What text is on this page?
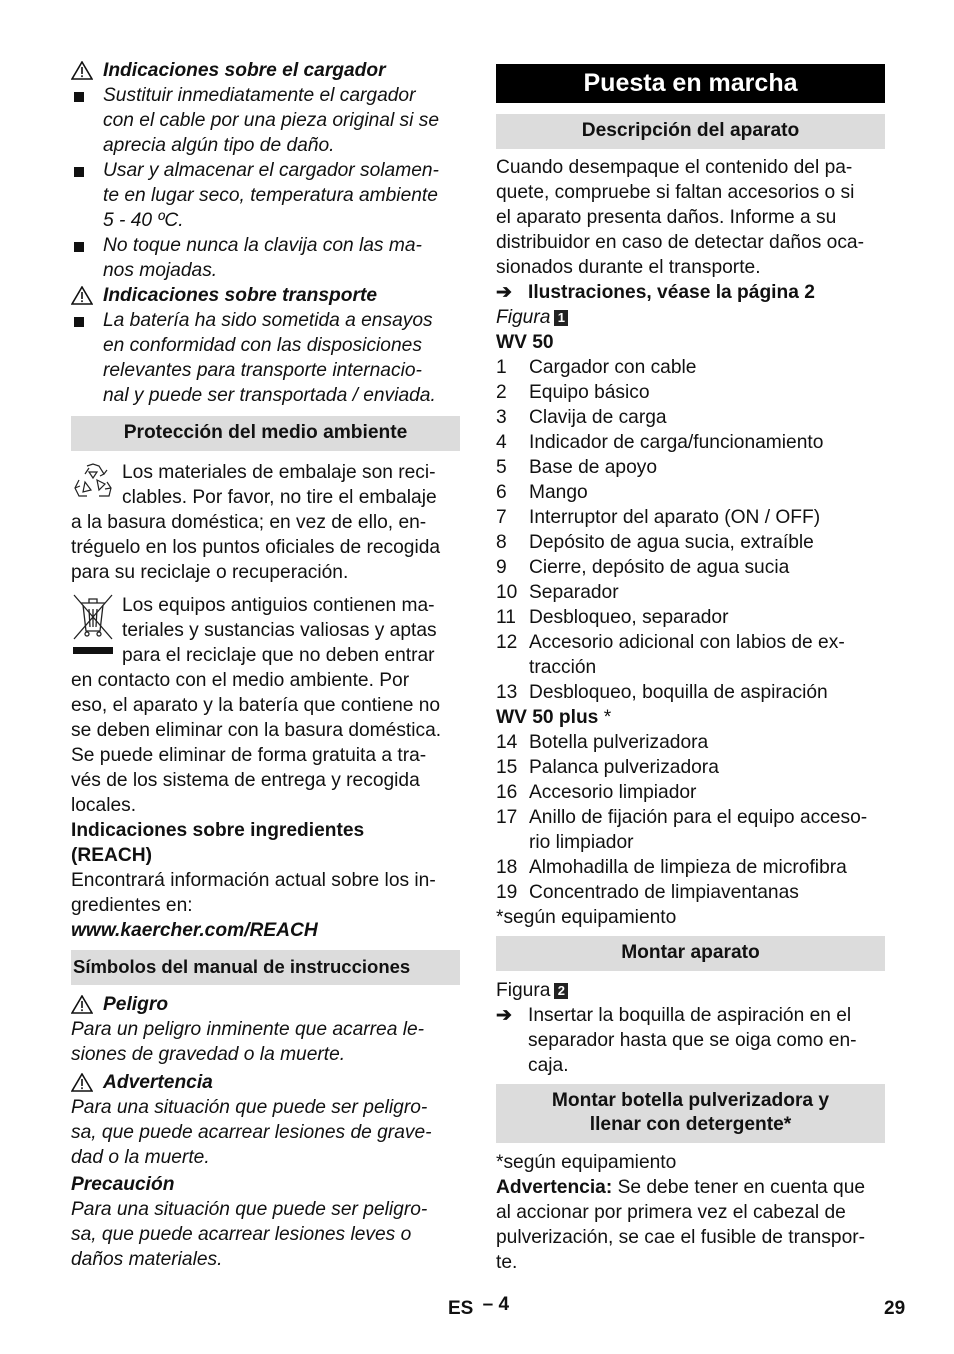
Indicaciones sobre el cargador
Sustituir inmediatamente el cargador
con el cable por una pieza original si se
aprecia algún tipo de daño.
Usar y almacenar el cargador solamen-
te en lugar seco, temperatura ambiente
5 - 40 ºC.
No toque nunca la clavija con las ma-
nos mojadas.
Indicaciones sobre transporte
La batería ha sido sometida a ensayos
en conformidad con las disposiciones
relevantes para transporte internacio-
nal y puede ser transportada / enviada.
Protección del medio ambiente
Los materiales de embalaje son reci-
clables. Por favor, no tire el embalaje
a la basura doméstica; en vez de ello, en-
tréguelo en los puntos oficiales de recogida
para su reciclaje o recuperación.
Los equipos antiguios contienen ma-
teriales y sustancias valiosas y aptas
para el reciclaje que no deben entrar
en contacto con el medio ambiente. Por
eso, el aparato y la batería que contiene no
se deben eliminar con la basura doméstica.
Se puede eliminar de forma gratuita a tra-
vés de los sistema de entrega y recogida
locales.
Indicaciones sobre ingredientes
(REACH)
Encontrará información actual sobre los in-
gredientes en:
www.kaercher.com/REACH
Símbolos del manual de instrucciones
Peligro
Para un peligro inminente que acarrea le-
siones de gravedad o la muerte.
Advertencia
Para una situación que puede ser peligro-
sa, que puede acarrear lesiones de grave-
dad o la muerte.
Precaución
Para una situación que puede ser peligro-
sa, que puede acarrear lesiones leves o
daños materiales.
Puesta en marcha
Descripción del aparato
Cuando desempaque el contenido del pa-
quete, compruebe si faltan accesorios o si
el aparato presenta daños. Informe a su
distribuidor en caso de detectar daños oca-
sionados durante el transporte.
➔ Ilustraciones, véase la página 2
Figura 1
WV 50
1	Cargador con cable
2	Equipo básico
3	Clavija de carga
4	Indicador de carga/funcionamiento
5	Base de apoyo
6	Mango
7	Interruptor del aparato (ON / OFF)
8	Depósito de agua sucia, extraíble
9	Cierre, depósito de agua sucia
10 Separador
11 Desbloqueo, separador
12 Accesorio adicional con labios de ex-
tracción
13 Desbloqueo, boquilla de aspiración
WV 50 plus *
14 Botella pulverizadora
15 Palanca pulverizadora
16 Accesorio limpiador
17 Anillo de fijación para el equipo acceso-
rio limpiador
18 Almohadilla de limpieza de microfibra
19 Concentrado de limpiaventanas
*según equipamiento
Montar aparato
Figura 2
➔ Insertar la boquilla de aspiración en el
separador hasta que se oiga como en-
caja.
Montar botella pulverizadora y
llenar con detergente*
*según equipamiento
Advertencia: Se debe tener en cuenta que
al accionar por primera vez el cabezal de
pulverización, se cae el fusible de transpor-
te.
ES – 4	29
